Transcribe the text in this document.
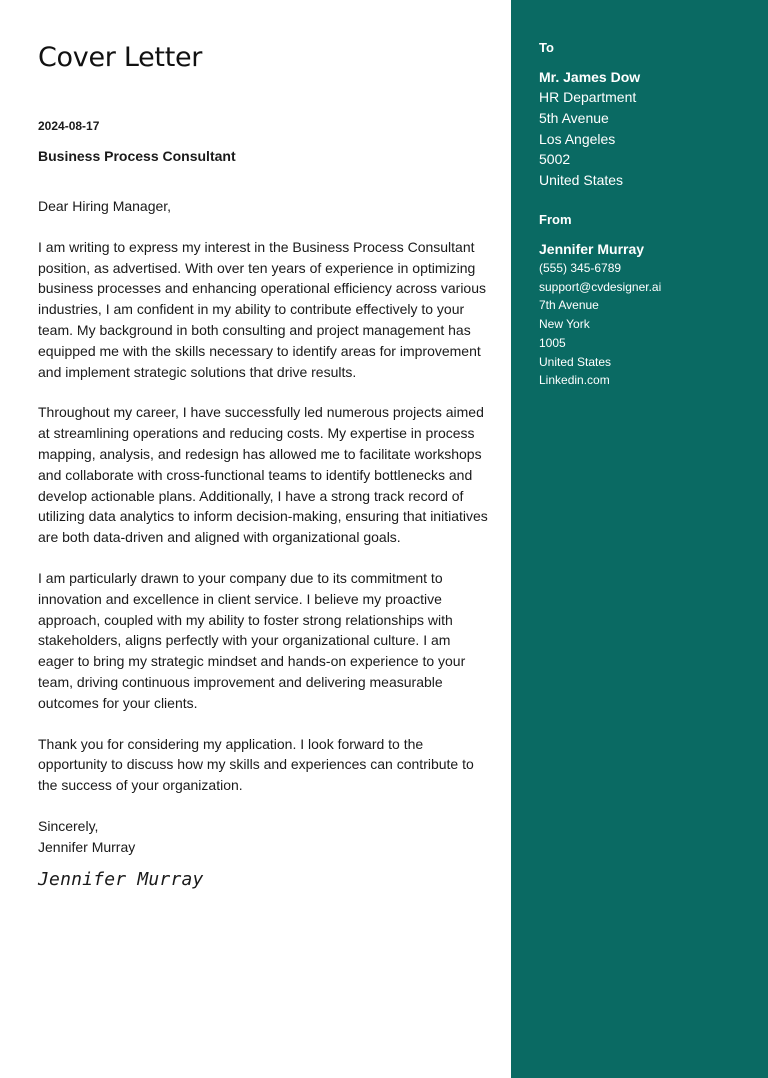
Cover Letter
2024-08-17
Business Process Consultant
Dear Hiring Manager,
I am writing to express my interest in the Business Process Consultant position, as advertised. With over ten years of experience in optimizing business processes and enhancing operational efficiency across various industries, I am confident in my ability to contribute effectively to your team. My background in both consulting and project management has equipped me with the skills necessary to identify areas for improvement and implement strategic solutions that drive results.
Throughout my career, I have successfully led numerous projects aimed at streamlining operations and reducing costs. My expertise in process mapping, analysis, and redesign has allowed me to facilitate workshops and collaborate with cross-functional teams to identify bottlenecks and develop actionable plans. Additionally, I have a strong track record of utilizing data analytics to inform decision-making, ensuring that initiatives are both data-driven and aligned with organizational goals.
I am particularly drawn to your company due to its commitment to innovation and excellence in client service. I believe my proactive approach, coupled with my ability to foster strong relationships with stakeholders, aligns perfectly with your organizational culture. I am eager to bring my strategic mindset and hands-on experience to your team, driving continuous improvement and delivering measurable outcomes for your clients.
Thank you for considering my application. I look forward to the opportunity to discuss how my skills and experiences can contribute to the success of your organization.
Sincerely,
Jennifer Murray
Jennifer Murray
To
Mr. James Dow
HR Department
5th Avenue
Los Angeles
5002
United States
From
Jennifer Murray
(555) 345-6789
support@cvdesigner.ai
7th Avenue
New York
1005
United States
Linkedin.com
